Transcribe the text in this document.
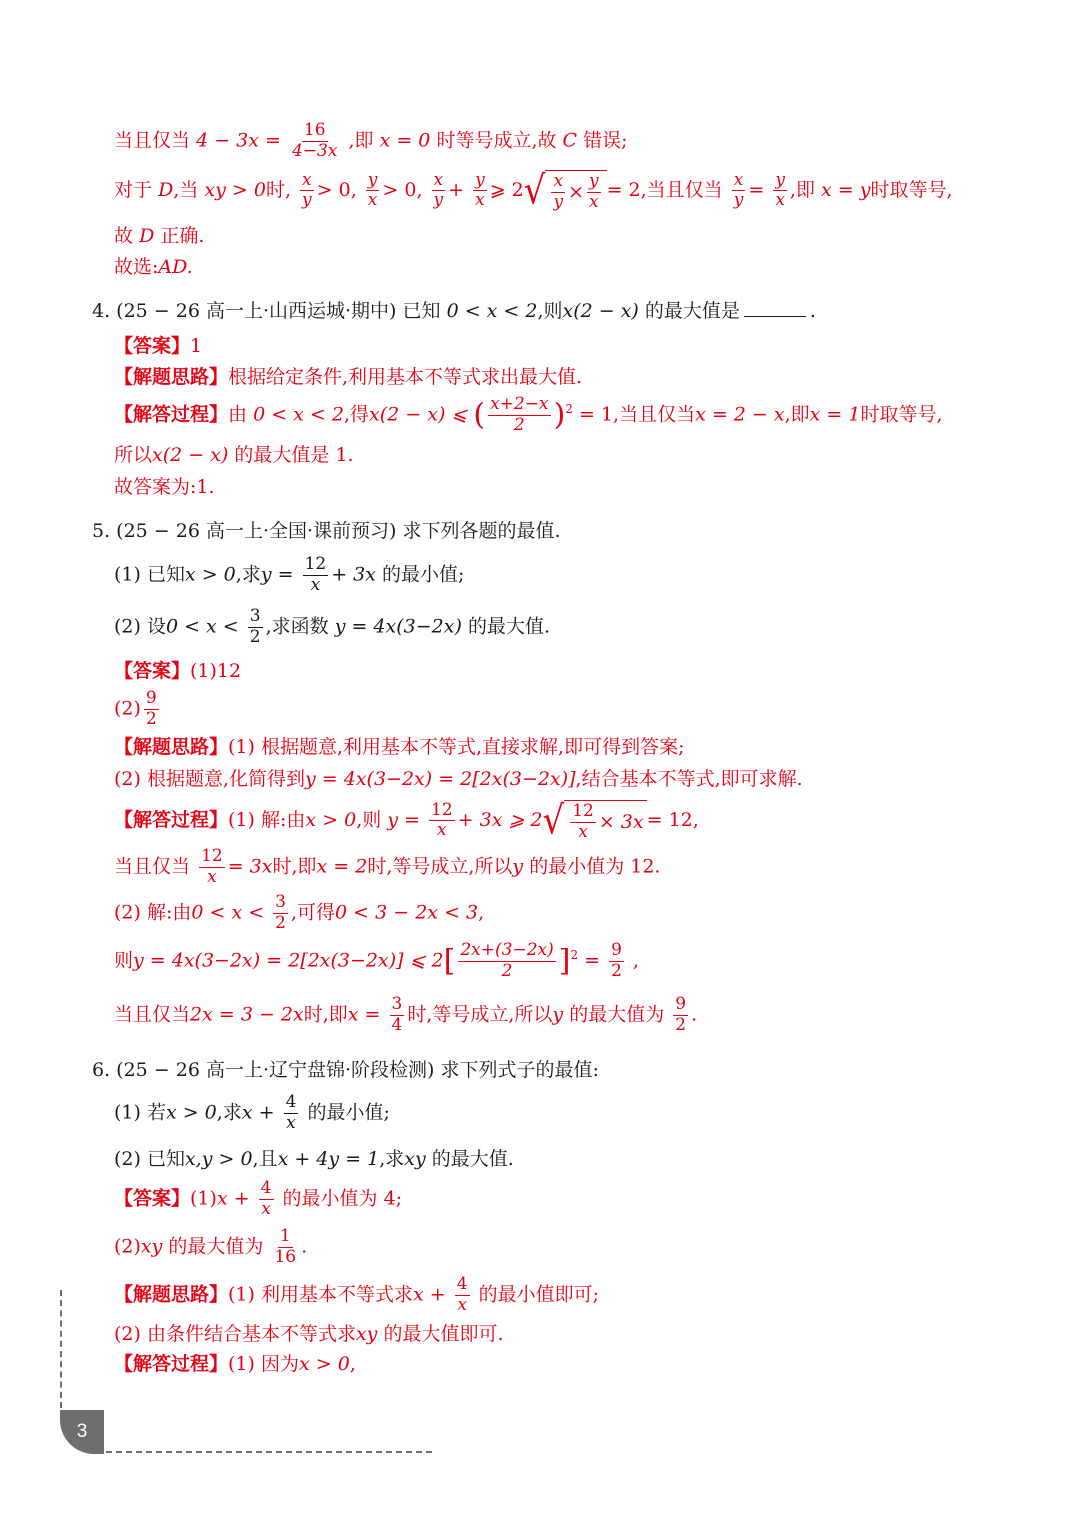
当且仅当 $4 - 3x = \frac{16}{4-3x}$ ,即 x = 0 时等号成立,故 C 错误;
对于 D,当 xy > 0时, $\frac{x}{y} > 0$, $\frac{y}{x} > 0$, $\frac{x}{y} + \frac{y}{x}$ ⩾ 2 √ $\frac{x}{y} \times \frac{y}{x} = 2$,当且仅当 $\frac{x}{y} = \frac{y}{x}$ ,即 x = y时取等号,
故 D 正确.
故选:AD.
4. (25 − 26 高一上·山西运城·期中) 已知 0 < x < 2,则x(2 − x) 的最大值是	.
【答案】1
【解题思路】根据给定条件,利用基本不等式求出最大值.
【解答过程】由 0 < x < 2,得x(2 − x) ⩽ ( $\frac{x+2-x}{2} )^2 = 1$,当且仅当x = 2 − x,即x = 1时取等号,
所以x(2 − x) 的最大值是 1.
故答案为:1.
5. (25 − 26 高一上·全国·课前预习) 求下列各题的最值.
(1) 已知x > 0,求$y = \frac{12}{x} + 3x$ 的最小值;
(2) 设$0 < x < \frac{3}{2}$ ,求函数 y = 4x(3−2x) 的最大值.
【答案】(1)12
$(2) \frac{9}{2}$
【解题思路】(1) 根据题意,利用基本不等式,直接求解,即可得到答案;
(2) 根据题意,化简得到y = 4x(3−2x) = 2[2x(3−2x)],结合基本不等式,即可求解.
【解答过程】(1) 解:由x > 0,则 $y = \frac{12}{x} + 3x$ ⩾ 2 √ $\frac{12}{x} \times 3x = 12$,
当且仅当 $\frac{12}{x} = 3x$时,即x = 2时,等号成立,所以y 的最小值为 12.
(2) 解:由$0 < x < \frac{3}{2}$ ,可得0 < 3 − 2x < 3,
则y = 4x(3−2x) = 2[2x(3−2x)] ⩽ $2[ \frac{2x+(3-2x)}{2} ]^2 = \frac{9}{2}$ ,
当且仅当2x = 3 − 2x时,即$x = \frac{3}{4}$ 时,等号成立,所以y 的最大值为 $\frac{9}{2}$ .
6. (25 − 26 高一上·辽宁盘锦·阶段检测) 求下列式子的最值:
(1) 若x > 0,求$x + \frac{4}{x}$ 的最小值;
(2) 已知x,y > 0,且x + 4y = 1,求xy 的最大值.
【答案】$(1)x + \frac{4}{x}$ 的最小值为 4;
(2)xy 的最大值为 $\frac{1}{16}$ .
【解题思路】(1) 利用基本不等式求$x + \frac{4}{x}$ 的最小值即可;
(2) 由条件结合基本不等式求xy 的最大值即可.
【解答过程】(1) 因为x > 0,
3
